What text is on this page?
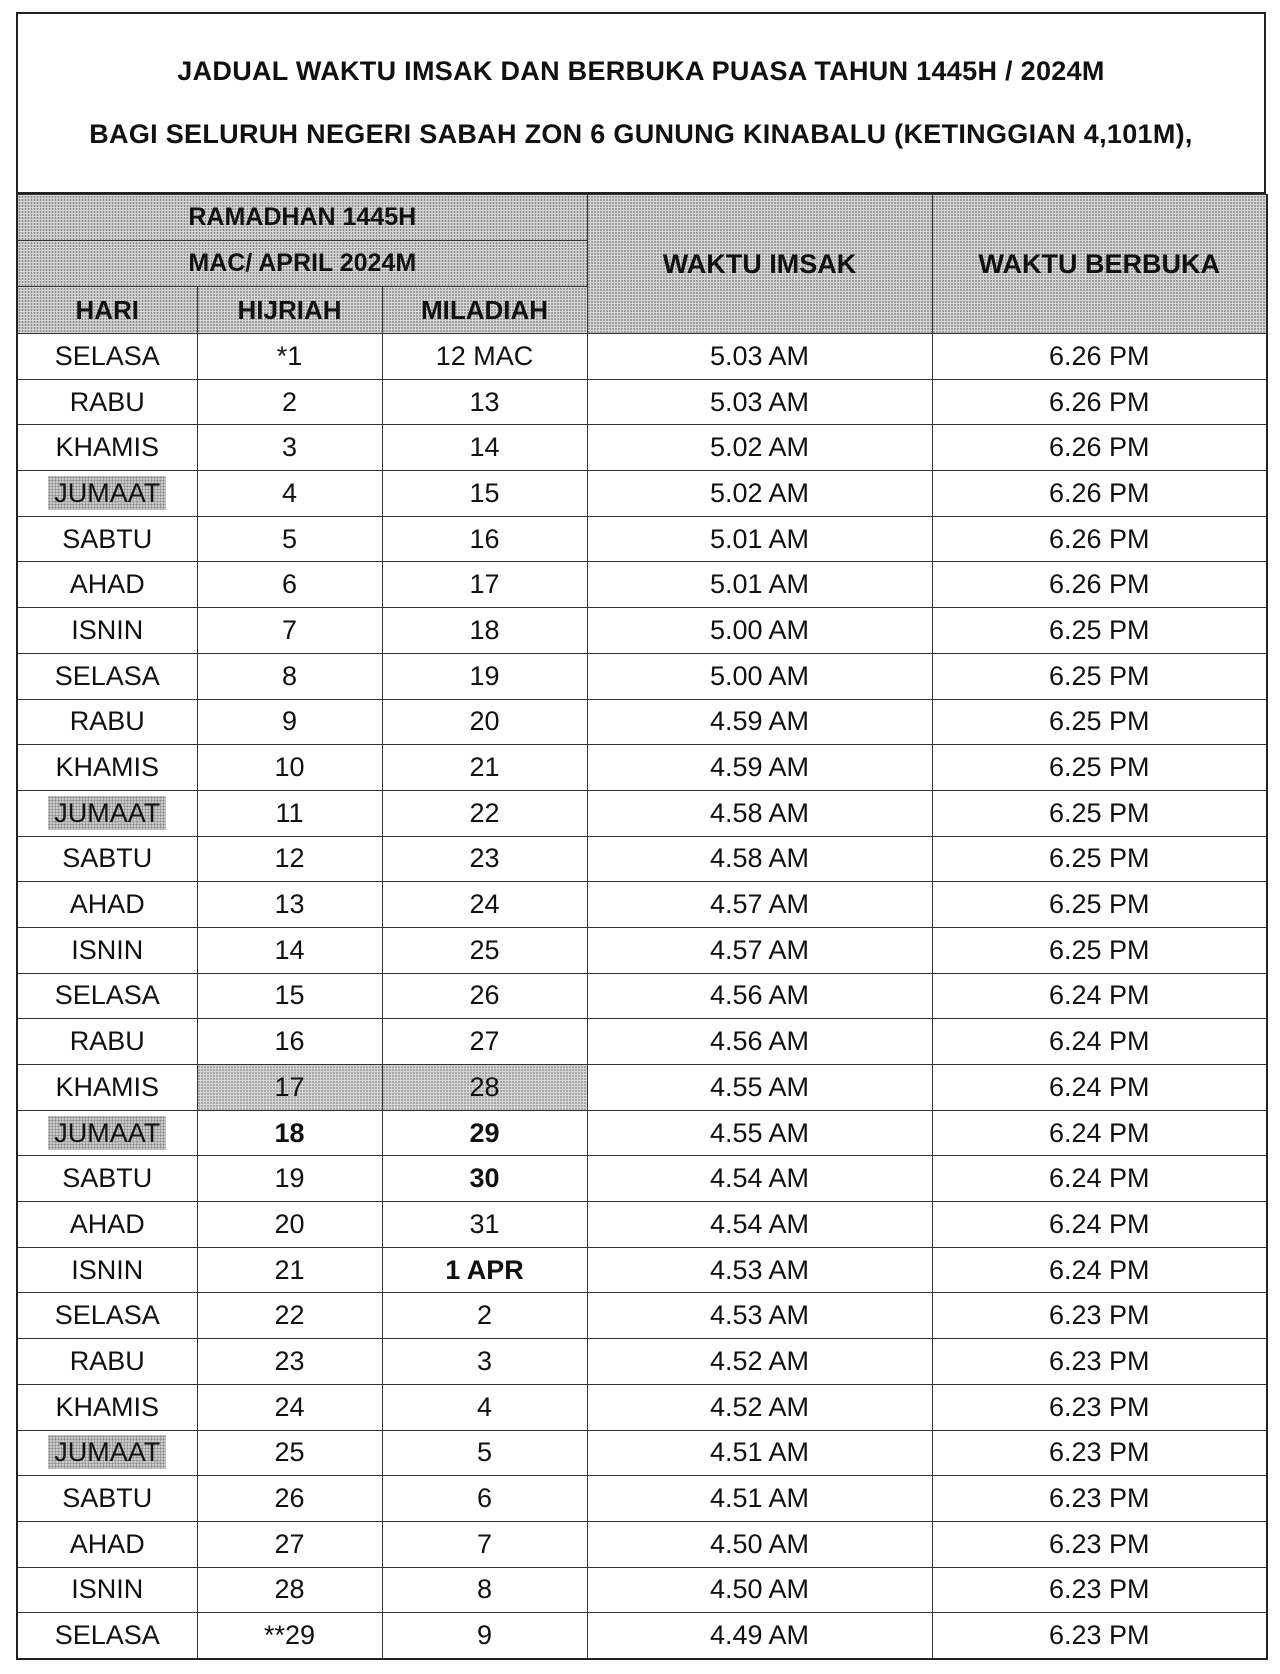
JADUAL WAKTU IMSAK DAN BERBUKA PUASA TAHUN 1445H / 2024M
BAGI SELURUH NEGERI SABAH ZON 6 GUNUNG KINABALU (KETINGGIAN 4,101M),
RAMADHAN 1445H			WAKTU IMSAK	WAKTU BERBUKA
MAC/ APRIL 2024M				
HARI	HIJRIAH	MILADIAH		
SELASA	*1	12 MAC	5.03 AM	6.26 PM
RABU	2	13	5.03 AM	6.26 PM
KHAMIS	3	14	5.02 AM	6.26 PM
JUMAAT	4	15	5.02 AM	6.26 PM
SABTU	5	16	5.01 AM	6.26 PM
AHAD	6	17	5.01 AM	6.26 PM
ISNIN	7	18	5.00 AM	6.25 PM
SELASA	8	19	5.00 AM	6.25 PM
RABU	9	20	4.59 AM	6.25 PM
KHAMIS	10	21	4.59 AM	6.25 PM
JUMAAT	11	22	4.58 AM	6.25 PM
SABTU	12	23	4.58 AM	6.25 PM
AHAD	13	24	4.57 AM	6.25 PM
ISNIN	14	25	4.57 AM	6.25 PM
SELASA	15	26	4.56 AM	6.24 PM
RABU	16	27	4.56 AM	6.24 PM
KHAMIS	17	28	4.55 AM	6.24 PM
JUMAAT	18	29	4.55 AM	6.24 PM
SABTU	19	30	4.54 AM	6.24 PM
AHAD	20	31	4.54 AM	6.24 PM
ISNIN	21	1 APR	4.53 AM	6.24 PM
SELASA	22	2	4.53 AM	6.23 PM
RABU	23	3	4.52 AM	6.23 PM
KHAMIS	24	4	4.52 AM	6.23 PM
JUMAAT	25	5	4.51 AM	6.23 PM
SABTU	26	6	4.51 AM	6.23 PM
AHAD	27	7	4.50 AM	6.23 PM
ISNIN	28	8	4.50 AM	6.23 PM
SELASA	**29	9	4.49 AM	6.23 PM
